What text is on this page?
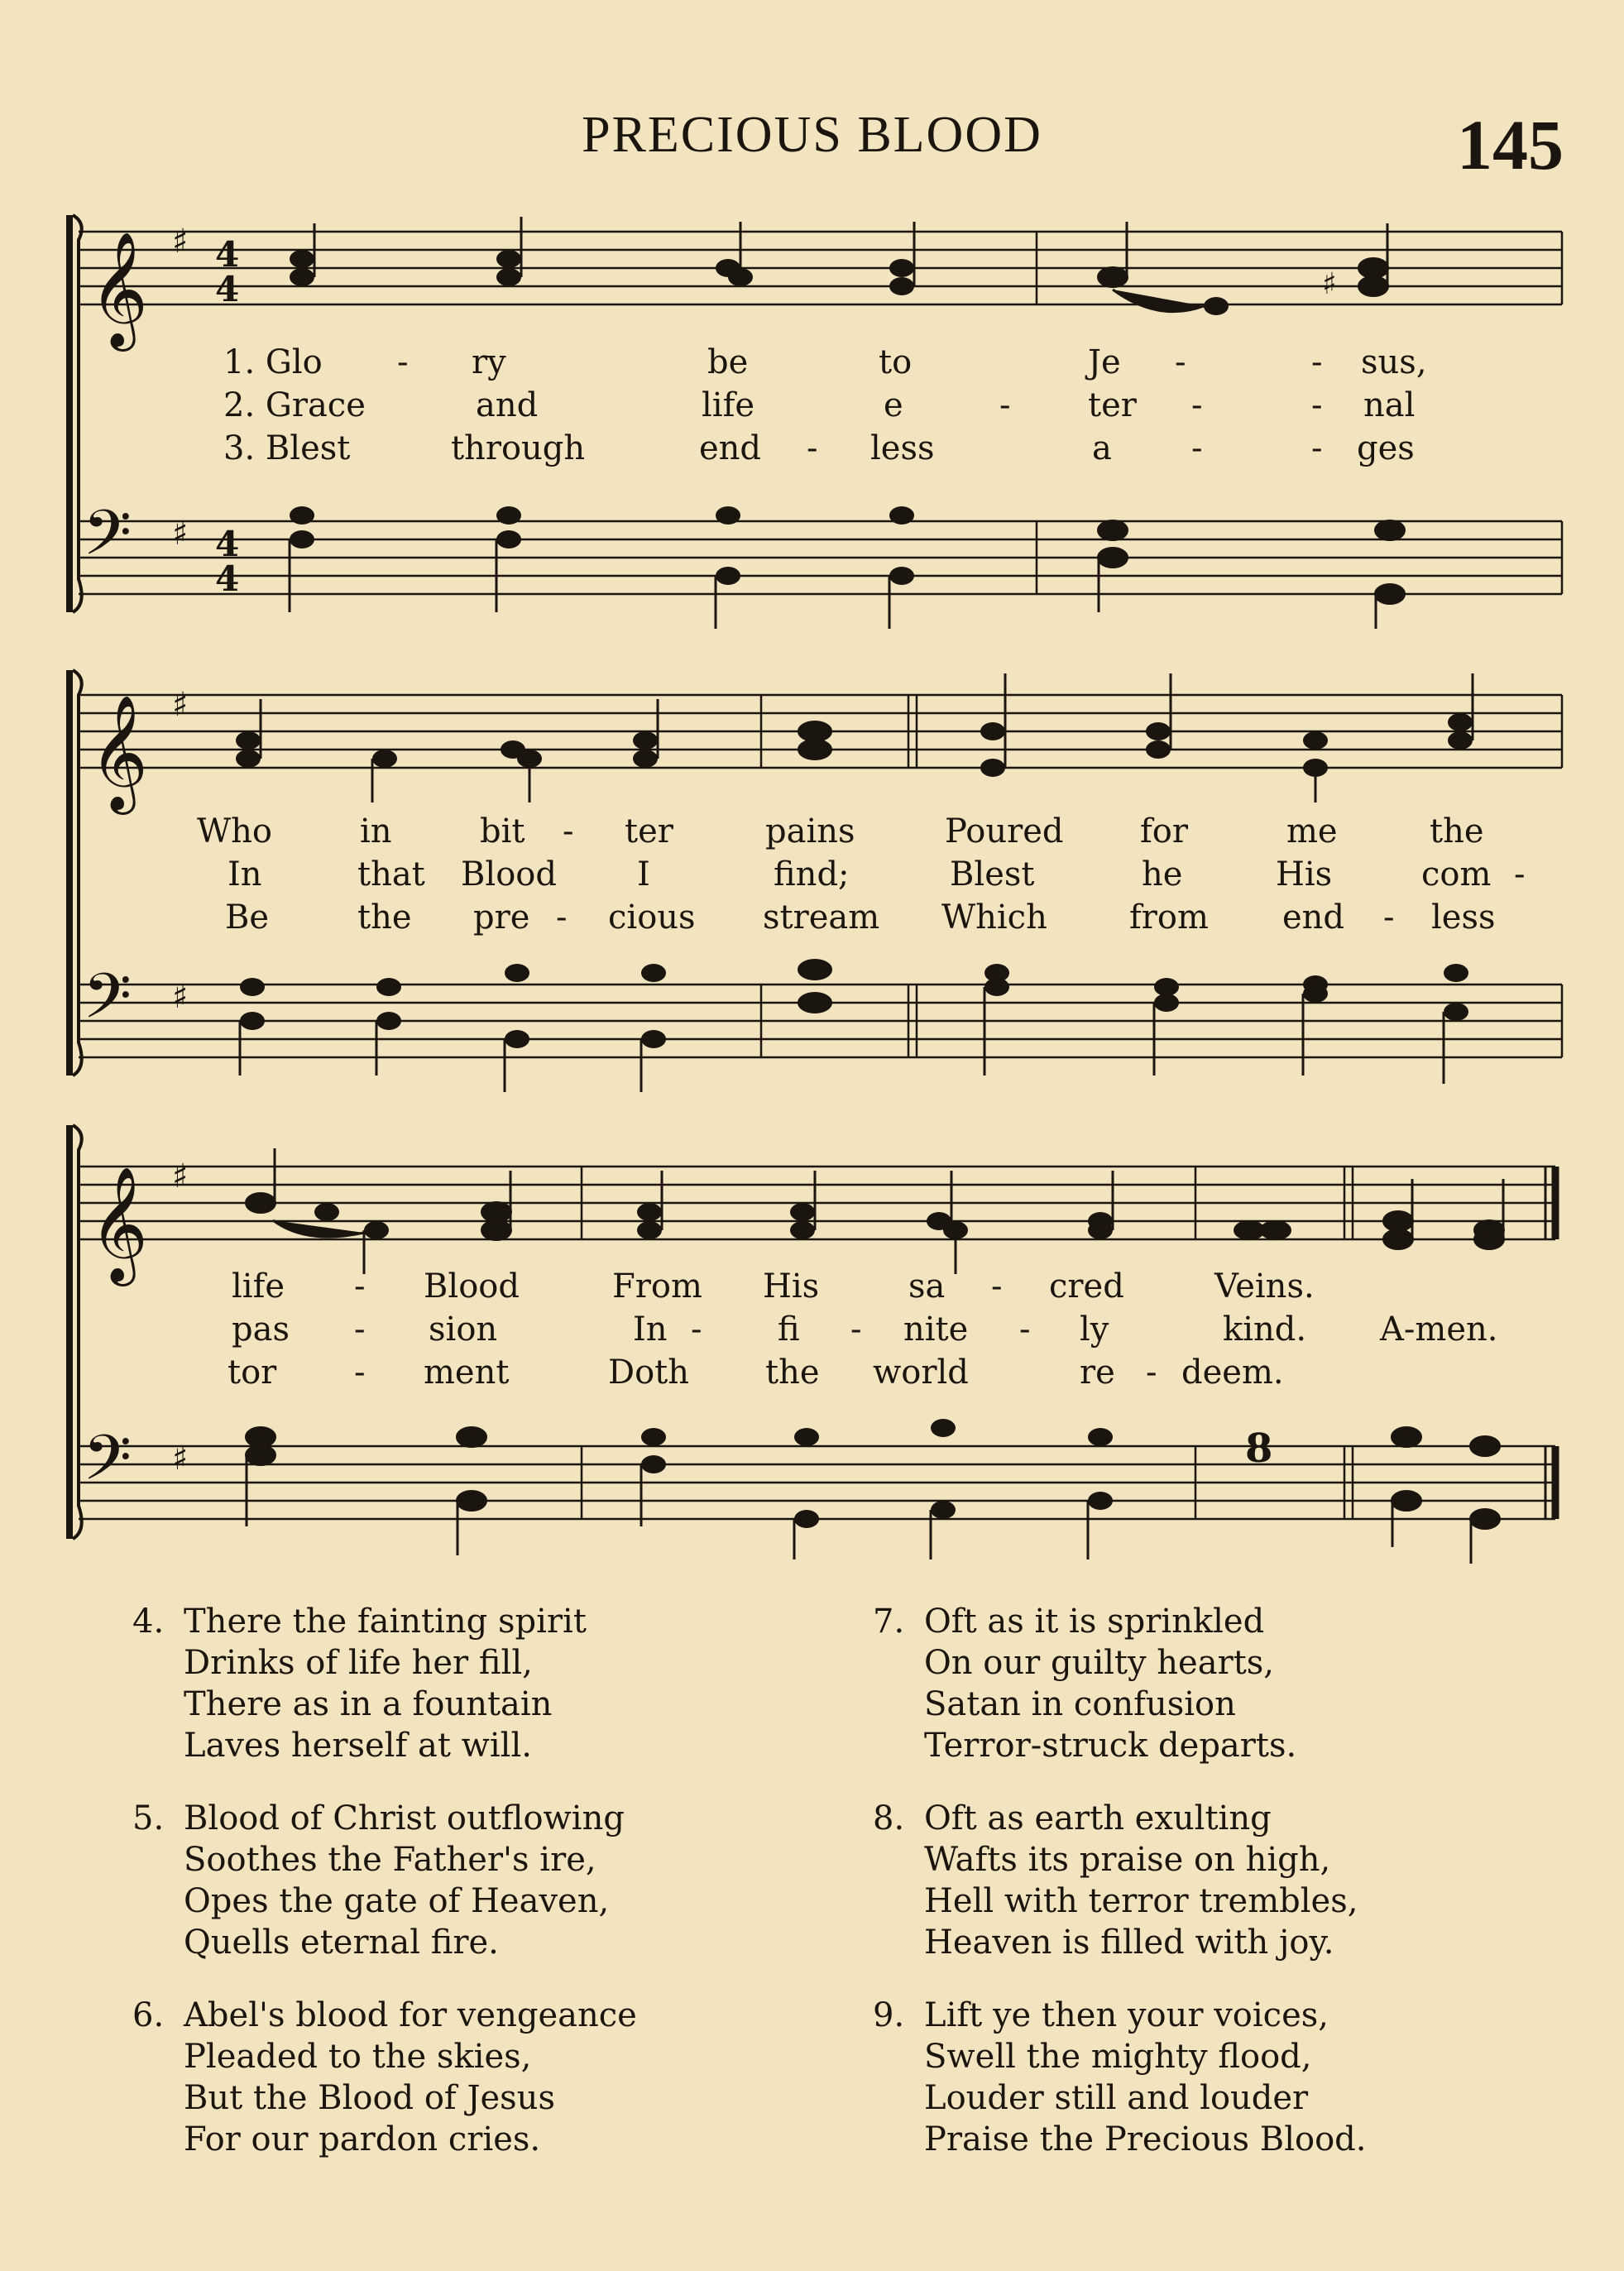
PRECIOUS BLOOD	145
𝄞
𝄢
♯
♯
4
4
4
4
♯
1. Glo - ry	be	to	Je -	- sus,
2. Grace	and	life	e	- ter -	- nal
3. Blest	through	end - less	a -	- ges
𝄞
𝄢
♯
♯
Who	in	bit - ter	pains	Poured for	me	the
In	that Blood I	find;	Blest	he	His	com -
Be	the pre - cious stream Which from end - less
𝄞
𝄢
♯
♯	8
life - Blood	From His	sa - cred	Veins.
pas - sion	In - fi - nite - ly	kind. A-men.
tor - ment	Doth the world	re - deem.
4. There the fainting spirit
Drinks of life her fill,
There as in a fountain
Laves herself at will.
5. Blood of Christ outflowing
Soothes the Father's ire,
Opes the gate of Heaven,
Quells eternal fire.
6. Abel's blood for vengeance
Pleaded to the skies,
But the Blood of Jesus
For our pardon cries.
7. Oft as it is sprinkled
On our guilty hearts,
Satan in confusion
Terror-struck departs.
8. Oft as earth exulting
Wafts its praise on high,
Hell with terror trembles,
Heaven is filled with joy.
9. Lift ye then your voices,
Swell the mighty flood,
Louder still and louder
Praise the Precious Blood.
